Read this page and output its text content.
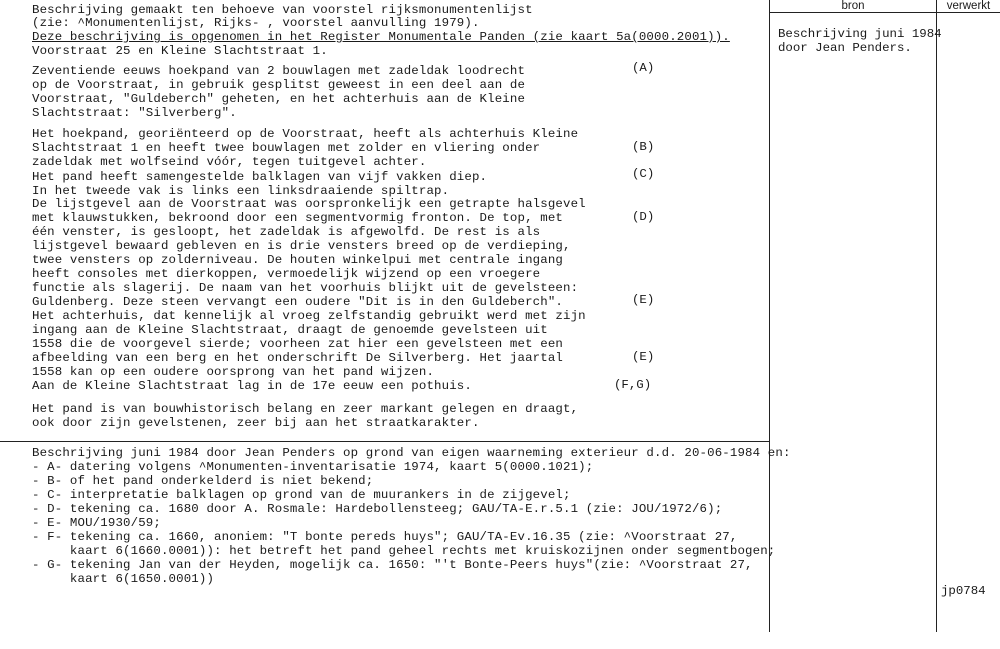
bron	verwerkt
Beschrijving gemaakt ten behoeve van voorstel rijksmonumentenlijst
(zie: ^Monumentenlijst, Rijks- , voorstel aanvulling 1979).
Deze beschrijving is opgenomen in het Register Monumentale Panden (zie kaart 5a(0000.2001)).
Voorstraat 25 en Kleine Slachtstraat 1.
Zeventiende eeuws hoekpand van 2 bouwlagen met zadeldak loodrecht
op de Voorstraat, in gebruik gesplitst geweest in een deel aan de
Voorstraat, "Guldeberch" geheten, en het achterhuis aan de Kleine
Slachtstraat: "Silverberg".
Het hoekpand, georiënteerd op de Voorstraat, heeft als achterhuis Kleine
Slachtstraat 1 en heeft twee bouwlagen met zolder en vliering onder
zadeldak met wolfseind vóór, tegen tuitgevel achter.
Het pand heeft samengestelde balklagen van vijf vakken diep.
In het tweede vak is links een linksdraaiende spiltrap.
De lijstgevel aan de Voorstraat was oorspronkelijk een getrapte halsgevel
met klauwstukken, bekroond door een segmentvormig fronton. De top, met
één venster, is gesloopt, het zadeldak is afgewolfd. De rest is als
lijstgevel bewaard gebleven en is drie vensters breed op de verdieping,
twee vensters op zolderniveau. De houten winkelpui met centrale ingang
heeft consoles met dierkoppen, vermoedelijk wijzend op een vroegere
functie als slagerij. De naam van het voorhuis blijkt uit de gevelsteen:
Guldenberg. Deze steen vervangt een oudere "Dit is in den Guldeberch".
Het achterhuis, dat kennelijk al vroeg zelfstandig gebruikt werd met zijn
ingang aan de Kleine Slachtstraat, draagt de genoemde gevelsteen uit
1558 die de voorgevel sierde; voorheen zat hier een gevelsteen met een
afbeelding van een berg en het onderschrift De Silverberg. Het jaartal
1558 kan op een oudere oorsprong van het pand wijzen.
Aan de Kleine Slachtstraat lag in de 17e eeuw een pothuis.
Het pand is van bouwhistorisch belang en zeer markant gelegen en draagt,
ook door zijn gevelstenen, zeer bij aan het straatkarakter.
(A)
(B)
(C)
(D)
(E)
(E)
(F,G)
Beschrijving juni 1984 door Jean Penders op grond van eigen waarneming exterieur d.d. 20-06-1984 en:
- A- datering volgens ^Monumenten-inventarisatie 1974, kaart 5(0000.1021);
- B- of het pand onderkelderd is niet bekend;
- C- interpretatie balklagen op grond van de muurankers in de zijgevel;
- D- tekening ca. 1680 door A. Rosmale: Hardebollensteeg; GAU/TA-E.r.5.1 (zie: JOU/1972/6);
- E- MOU/1930/59;
- F- tekening ca. 1660, anoniem: "T bonte pereds huys"; GAU/TA-Ev.16.35 (zie: ^Voorstraat 27,
kaart 6(1660.0001)): het betreft het pand geheel rechts met kruiskozijnen onder segmentbogen;
- G- tekening Jan van der Heyden, mogelijk ca. 1650: "'t Bonte-Peers huys"(zie: ^Voorstraat 27,
kaart 6(1650.0001))
Beschrijving juni 1984
door Jean Penders.
jp0784
